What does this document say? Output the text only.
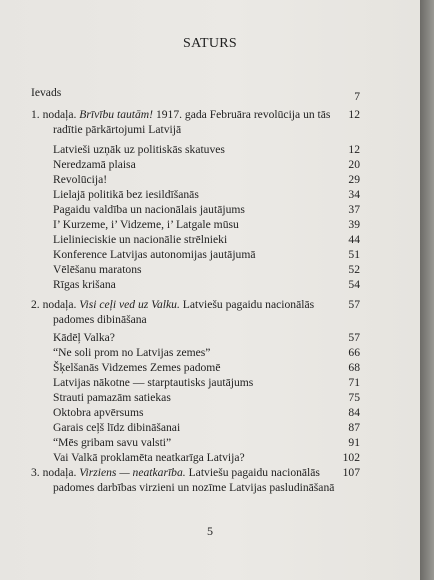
SATURS
Ievads	7
1. nodaļa. Brīvību tautām! 1917. gada Februāra revolūcija un tās	12
radītie pārkārtojumi Latvijā
Latvieši uzņāk uz politiskās skatuves	12
Neredzamā plaisa	20
Revolūcija!	29
Lielajā politikā bez iesildīšanās	34
Pagaidu valdība un nacionālais jautājums	37
I’ Kurzeme, i’ Vidzeme, i’ Latgale mūsu	39
Lielinieciskie un nacionālie strēlnieki	44
Konference Latvijas autonomijas jautājumā	51
Vēlēšanu maratons	52
Rīgas krišana	54
2. nodaļa. Visi ceļi ved uz Valku. Latviešu pagaidu nacionālās	57
padomes dibināšana
Kādēļ Valka?	57
“Ne soli prom no Latvijas zemes”	66
Šķelšanās Vidzemes Zemes padomē	68
Latvijas nākotne — starptautisks jautājums	71
Strauti pamazām satiekas	75
Oktobra apvērsums	84
Garais ceļš līdz dibināšanai	87
“Mēs gribam savu valsti”	91
Vai Valkā proklamēta neatkarīga Latvija?	102
3. nodaļa. Virziens — neatkarība. Latviešu pagaidu nacionālās	107
padomes darbības virzieni un nozīme Latvijas pasludināšanā
5
